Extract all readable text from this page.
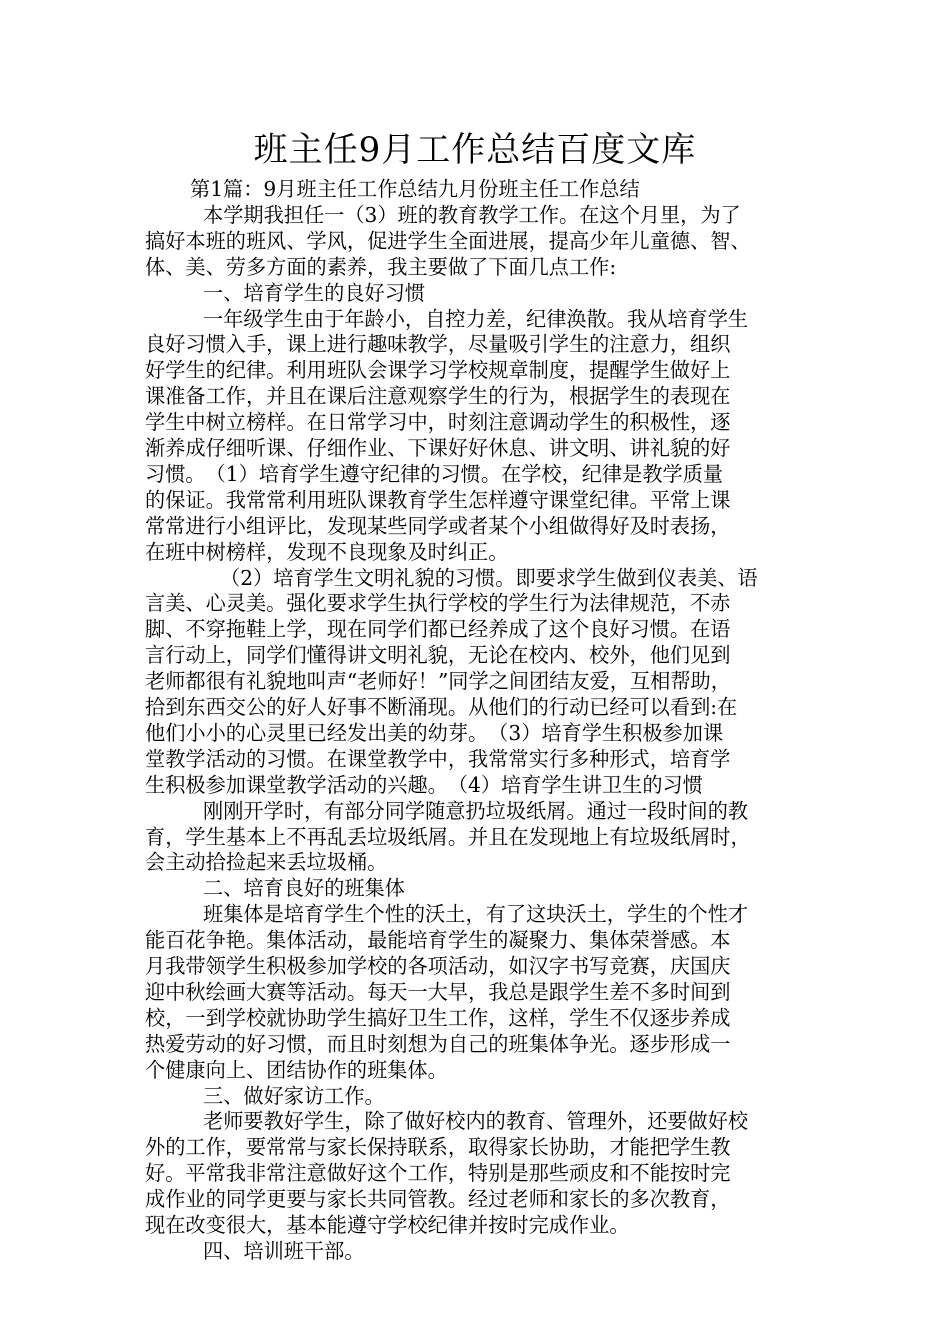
班主任9月工作总结百度文库
第1篇：9月班主任工作总结九月份班主任工作总结
本学期我担任一（3）班的教育教学工作。在这个月里，为了
搞好本班的班风、学风，促进学生全面进展，提高少年儿童德、智、
体、美、劳多方面的素养，我主要做了下面几点工作:
一、培育学生的良好习惯
一年级学生由于年龄小，自控力差，纪律涣散。我从培育学生
良好习惯入手，课上进行趣味教学，尽量吸引学生的注意力，组织
好学生的纪律。利用班队会课学习学校规章制度，提醒学生做好上
课准备工作，并且在课后注意观察学生的行为，根据学生的表现在
学生中树立榜样。在日常学习中，时刻注意调动学生的积极性，逐
渐养成仔细听课、仔细作业、下课好好休息、讲文明、讲礼貌的好
习惯。　（1）培育学生遵守纪律的习惯。在学校，纪律是教学质量
的保证。我常常利用班队课教育学生怎样遵守课堂纪律。平常上课
常常进行小组评比，发现某些同学或者某个小组做得好及时表扬，
在班中树榜样，发现不良现象及时纠正。
（2）培育学生文明礼貌的习惯。即要求学生做到仪表美、语
言美、心灵美。强化要求学生执行学校的学生行为法律规范，不赤
脚、不穿拖鞋上学，现在同学们都已经养成了这个良好习惯。在语
言行动上，同学们懂得讲文明礼貌，无论在校内、校外，他们见到
老师都很有礼貌地叫声“老师好！”同学之间团结友爱，互相帮助，
拾到东西交公的好人好事不断涌现。从他们的行动已经可以看到:在
他们小小的心灵里已经发出美的幼芽。　（3）培育学生积极参加课
堂教学活动的习惯。在课堂教学中，我常常实行多种形式，培育学
生积极参加课堂教学活动的兴趣。　（4）培育学生讲卫生的习惯
刚刚开学时，有部分同学随意扔垃圾纸屑。通过一段时间的教
育，学生基本上不再乱丢垃圾纸屑。并且在发现地上有垃圾纸屑时，
会主动拾捡起来丢垃圾桶。
二、培育良好的班集体
班集体是培育学生个性的沃土，有了这块沃土，学生的个性才
能百花争艳。集体活动，最能培育学生的凝聚力、集体荣誉感。本
月我带领学生积极参加学校的各项活动，如汉字书写竞赛，庆国庆
迎中秋绘画大赛等活动。每天一大早，我总是跟学生差不多时间到
校，一到学校就协助学生搞好卫生工作，这样，学生不仅逐步养成
热爱劳动的好习惯，而且时刻想为自己的班集体争光。逐步形成一
个健康向上、团结协作的班集体。
三、做好家访工作。
老师要教好学生，除了做好校内的教育、管理外，还要做好校
外的工作，要常常与家长保持联系，取得家长协助，才能把学生教
好。平常我非常注意做好这个工作，特别是那些顽皮和不能按时完
成作业的同学更要与家长共同管教。经过老师和家长的多次教育，
现在改变很大，基本能遵守学校纪律并按时完成作业。
四、培训班干部。
